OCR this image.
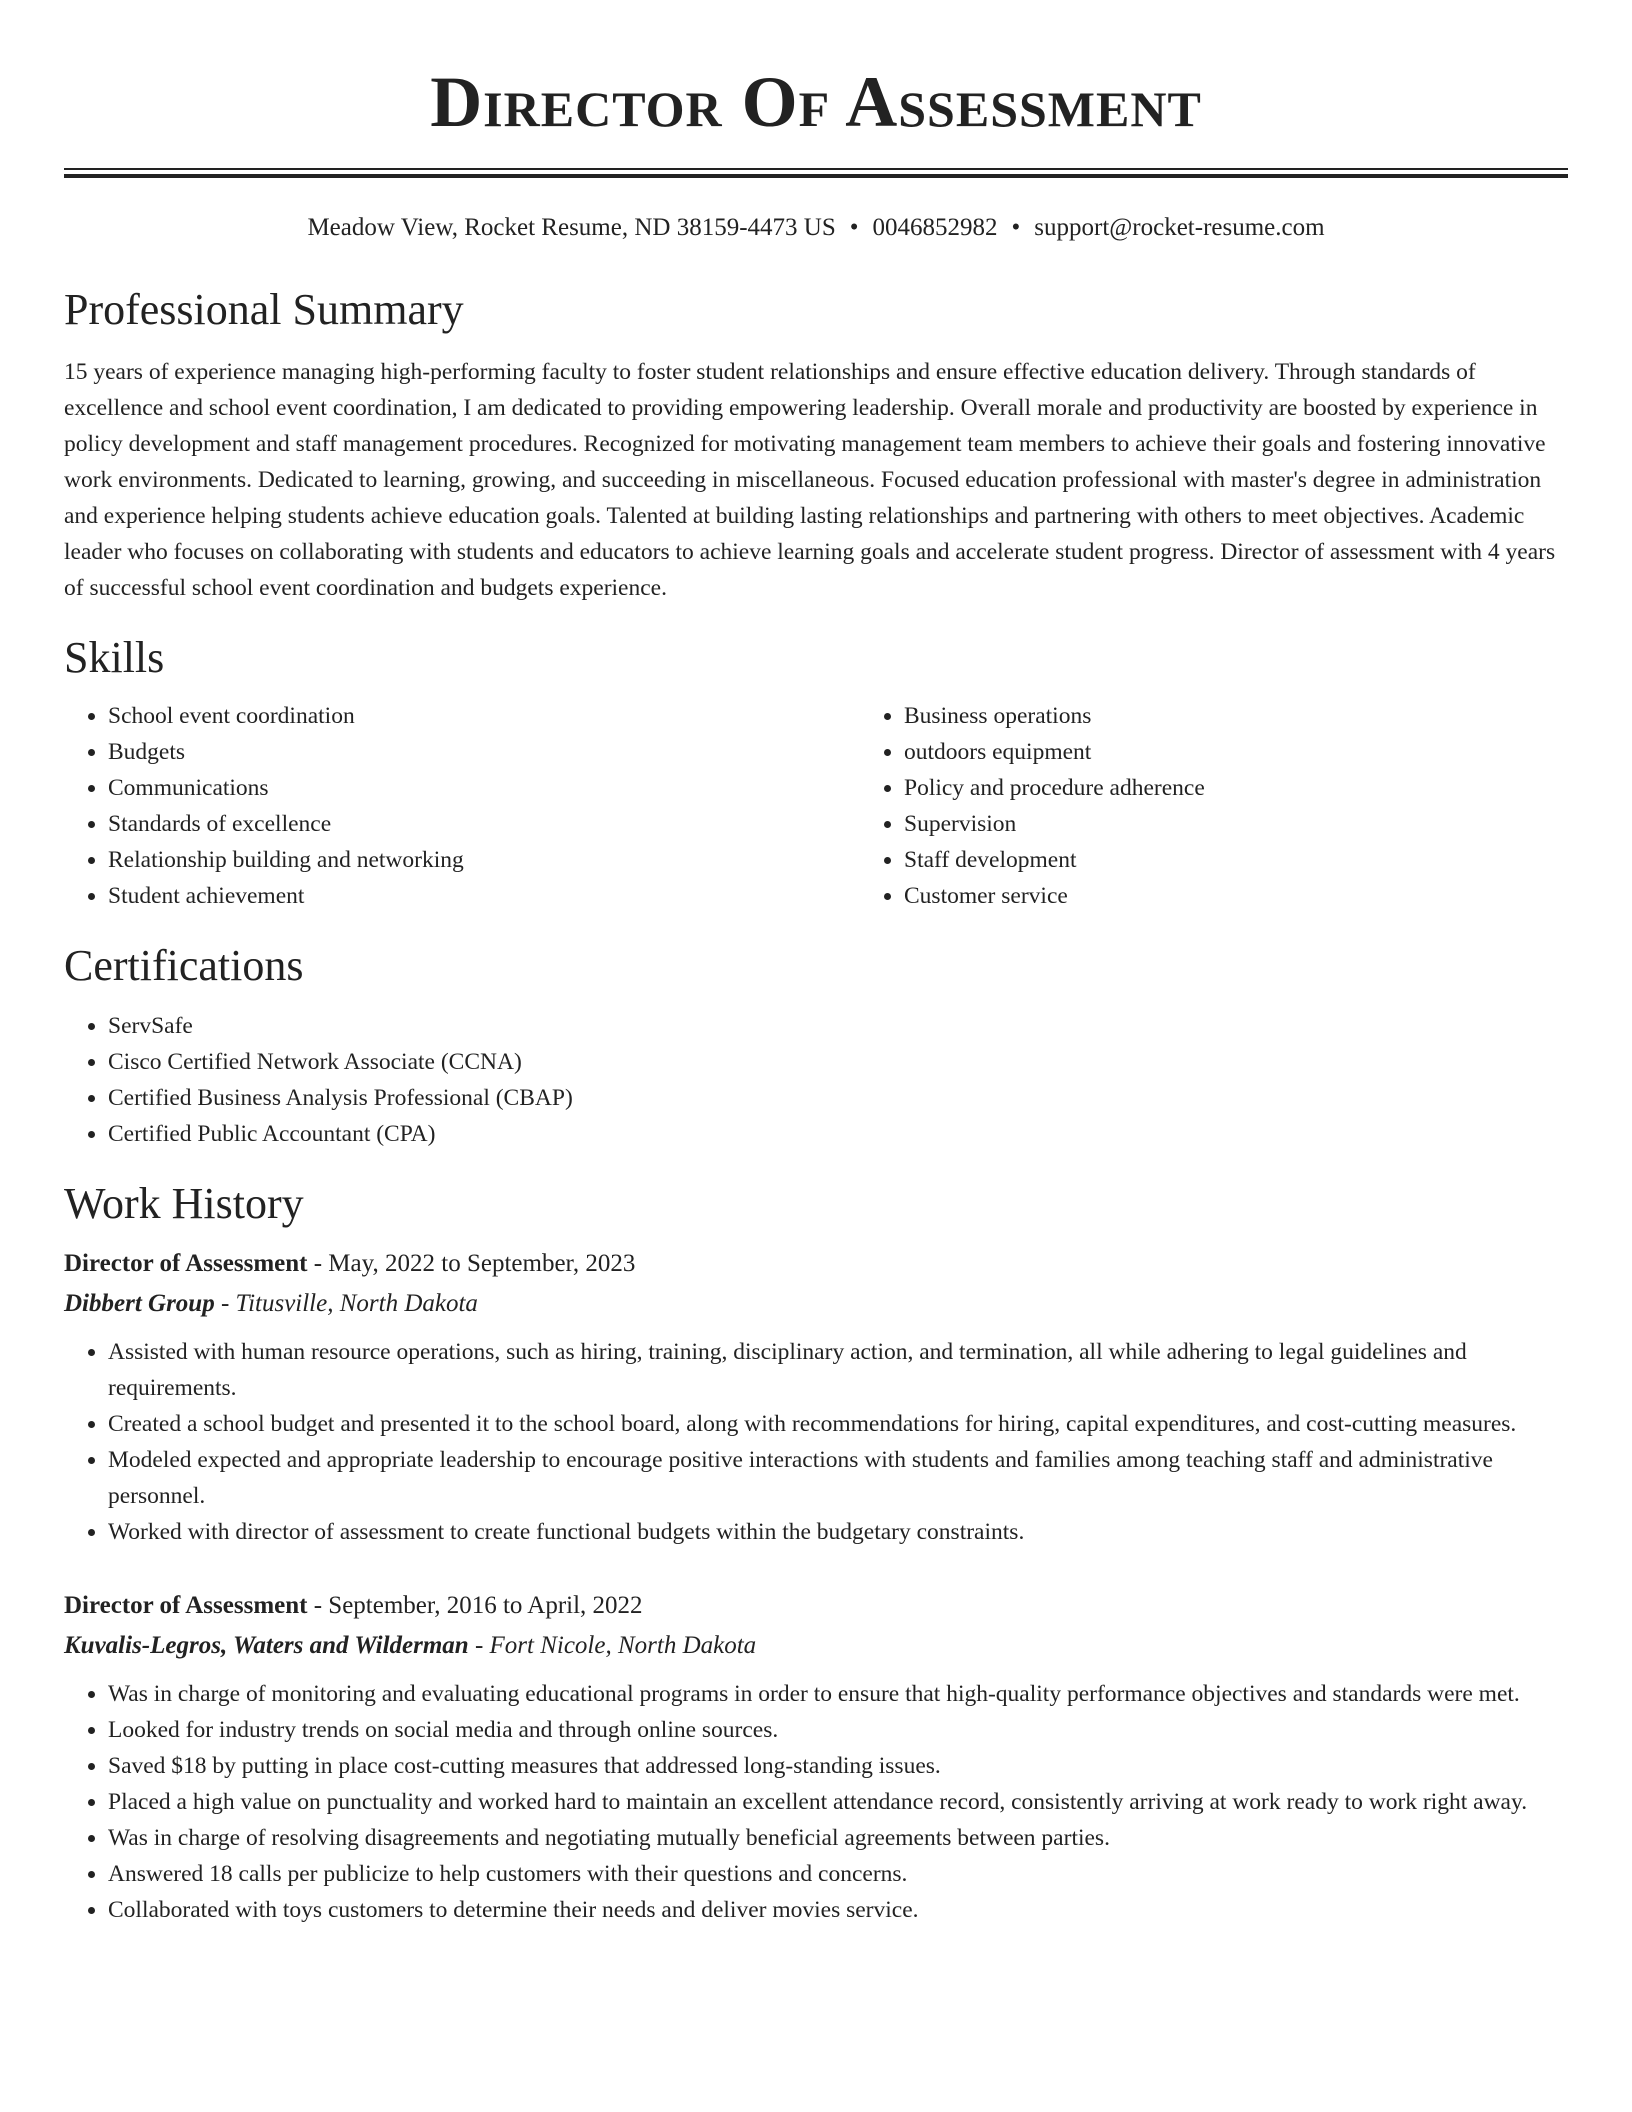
Director Of Assessment
Meadow View, Rocket Resume, ND 38159-4473 US • 0046852982 • support@rocket-resume.com
Professional Summary

15 years of experience managing high-performing faculty to foster student relationships and ensure effective education delivery. Through standards of excellence and school event coordination, I am dedicated to providing empowering leadership. Overall morale and productivity are boosted by experience in policy development and staff management procedures. Recognized for motivating management team members to achieve their goals and fostering innovative work environments. Dedicated to learning, growing, and succeeding in miscellaneous. Focused education professional with master's degree in administration and experience helping students achieve education goals. Talented at building lasting relationships and partnering with others to meet objectives. Academic leader who focuses on collaborating with students and educators to achieve learning goals and accelerate student progress. Director of assessment with 4 years of successful school event coordination and budgets experience.

Skills
• School event coordination
• Budgets
• Communications
• Standards of excellence
• Relationship building and networking
• Student achievement
• Business operations
• outdoors equipment
• Policy and procedure adherence
• Supervision
• Staff development
• Customer service
Certifications
• ServSafe
• Cisco Certified Network Associate (CCNA)
• Certified Business Analysis Professional (CBAP)
• Certified Public Accountant (CPA)
Work History
Director of Assessment - May, 2022 to September, 2023
Dibbert Group - Titusville, North Dakota
• Assisted with human resource operations, such as hiring, training, disciplinary action, and termination, all while adhering to legal guidelines and requirements.
• Created a school budget and presented it to the school board, along with recommendations for hiring, capital expenditures, and cost-cutting measures.
• Modeled expected and appropriate leadership to encourage positive interactions with students and families among teaching staff and administrative personnel.
• Worked with director of assessment to create functional budgets within the budgetary constraints.
Director of Assessment - September, 2016 to April, 2022
Kuvalis-Legros, Waters and Wilderman - Fort Nicole, North Dakota
• Was in charge of monitoring and evaluating educational programs in order to ensure that high-quality performance objectives and standards were met.
• Looked for industry trends on social media and through online sources.
• Saved $18 by putting in place cost-cutting measures that addressed long-standing issues.
• Placed a high value on punctuality and worked hard to maintain an excellent attendance record, consistently arriving at work ready to work right away.
• Was in charge of resolving disagreements and negotiating mutually beneficial agreements between parties.
• Answered 18 calls per publicize to help customers with their questions and concerns.
• Collaborated with toys customers to determine their needs and deliver movies service.
